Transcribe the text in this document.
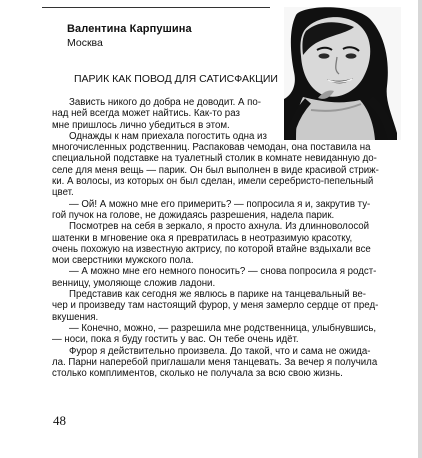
Валентина Карпушина
Москва
ПАРИК КАК ПОВОД ДЛЯ САТИСФАКЦИИ
Зависть никого до добра не доводит. А по-
над ней всегда может найтись. Как-то раз
мне пришлось лично убедиться в этом.
Однажды к нам приехала погостить одна из
многочисленных родственниц. Распаковав чемодан, она поставила на
специальной подставке на туалетный столик в комнате невиданную до-
селе для меня вещь — парик. Он был выполнен в виде красивой стриж-
ки. А волосы, из которых он был сделан, имели серебристо-пепельный
цвет.
— Ой! А можно мне его примерить? — попросила я и, закрутив ту-
гой пучок на голове, не дожидаясь разрешения, надела парик.
Посмотрев на себя в зеркало, я просто ахнула. Из длинноволосой
шатенки в мгновение ока я превратилась в неотразимую красотку,
очень похожую на известную актрису, по которой втайне вздыхали все
мои сверстники мужского пола.
— А можно мне его немного поносить? — снова попросила я родст-
венницу, умоляюще сложив ладони.
Представив как сегодня же явлюсь в парике на танцевальный ве-
чер и произведу там настоящий фурор, у меня замерло сердце от пред-
вкушения.
— Конечно, можно, — разрешила мне родственница, улыбнувшись,
— носи, пока я буду гостить у вас. Он тебе очень идёт.
Фурор я действительно произвела. До такой, что и сама не ожида-
ла. Парни наперебой приглашали меня танцевать. За вечер я получила
столько комплиментов, сколько не получала за всю свою жизнь.
48
